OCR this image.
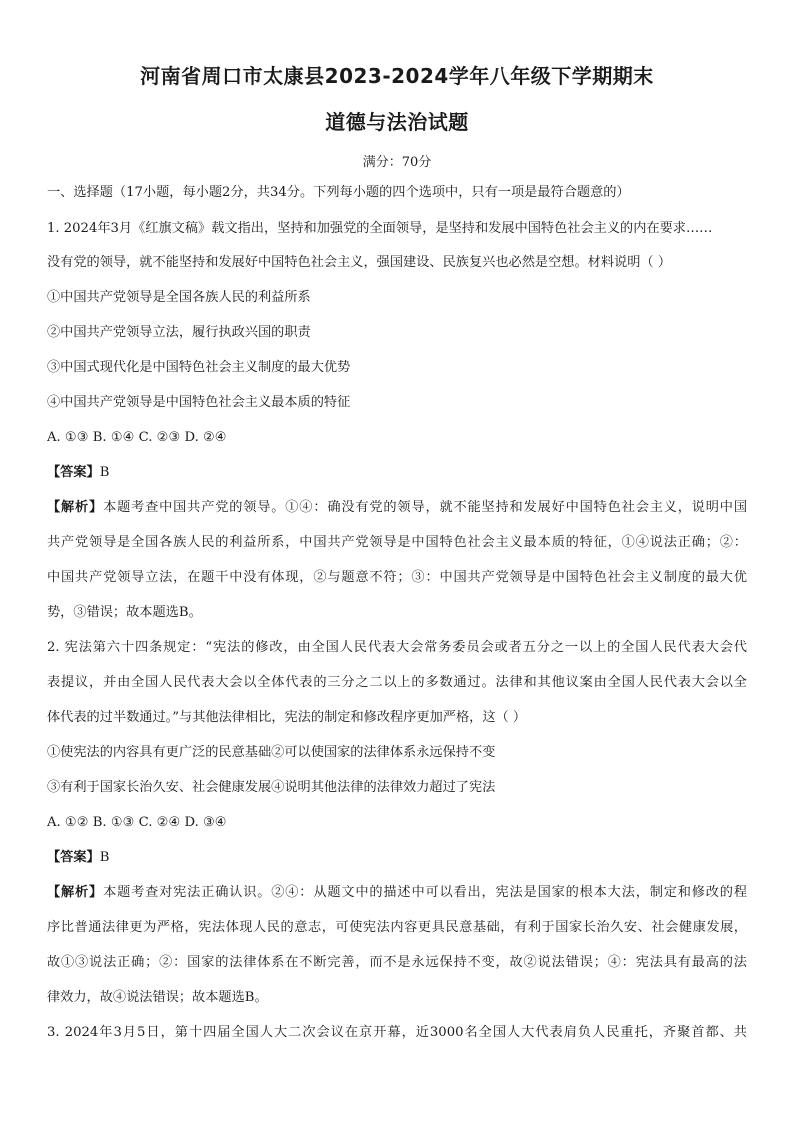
河南省周口市太康县2023-2024学年八年级下学期期末
道德与法治试题
满分：70分
一、选择题（17小题，每小题2分，共34分。下列每小题的四个选项中，只有一项是最符合题意的）
1. 2024年3月《红旗文稿》载文指出，坚持和加强党的全面领导，是坚持和发展中国特色社会主义的内在要求……
没有党的领导，就不能坚持和发展好中国特色社会主义，强国建设、民族复兴也必然是空想。材料说明（ ）
①中国共产党领导是全国各族人民的利益所系
②中国共产党领导立法，履行执政兴国的职责
③中国式现代化是中国特色社会主义制度的最大优势
④中国共产党领导是中国特色社会主义最本质的特征
A. ①③ B. ①④ C. ②③ D. ②④
【答案】B
【解析】本题考查中国共产党的领导。①④：确没有党的领导，就不能坚持和发展好中国特色社会主义，说明中国
共产党领导是全国各族人民的利益所系，中国共产党领导是中国特色社会主义最本质的特征，①④说法正确；②：
中国共产党领导立法，在题干中没有体现，②与题意不符；③：中国共产党领导是中国特色社会主义制度的最大优
势，③错误；故本题选B。
2. 宪法第六十四条规定：“宪法的修改，由全国人民代表大会常务委员会或者五分之一以上的全国人民代表大会代
表提议，并由全国人民代表大会以全体代表的三分之二以上的多数通过。法律和其他议案由全国人民代表大会以全
体代表的过半数通过。”与其他法律相比，宪法的制定和修改程序更加严格，这（ ）
①使宪法的内容具有更广泛的民意基础②可以使国家的法律体系永远保持不变
③有利于国家长治久安、社会健康发展④说明其他法律的法律效力超过了宪法
A. ①② B. ①③ C. ②④ D. ③④
【答案】B
【解析】本题考查对宪法正确认识。②④：从题文中的描述中可以看出，宪法是国家的根本大法，制定和修改的程
序比普通法律更为严格，宪法体现人民的意志，可使宪法内容更具民意基础，有利于国家长治久安、社会健康发展，
故①③说法正确；②：国家的法律体系在不断完善，而不是永远保持不变，故②说法错误；④：宪法具有最高的法
律效力，故④说法错误；故本题选B。
3. 2024年3月5日，第十四届全国人大二次会议在京开幕，近3000名全国人大代表肩负人民重托，齐聚首都、共
